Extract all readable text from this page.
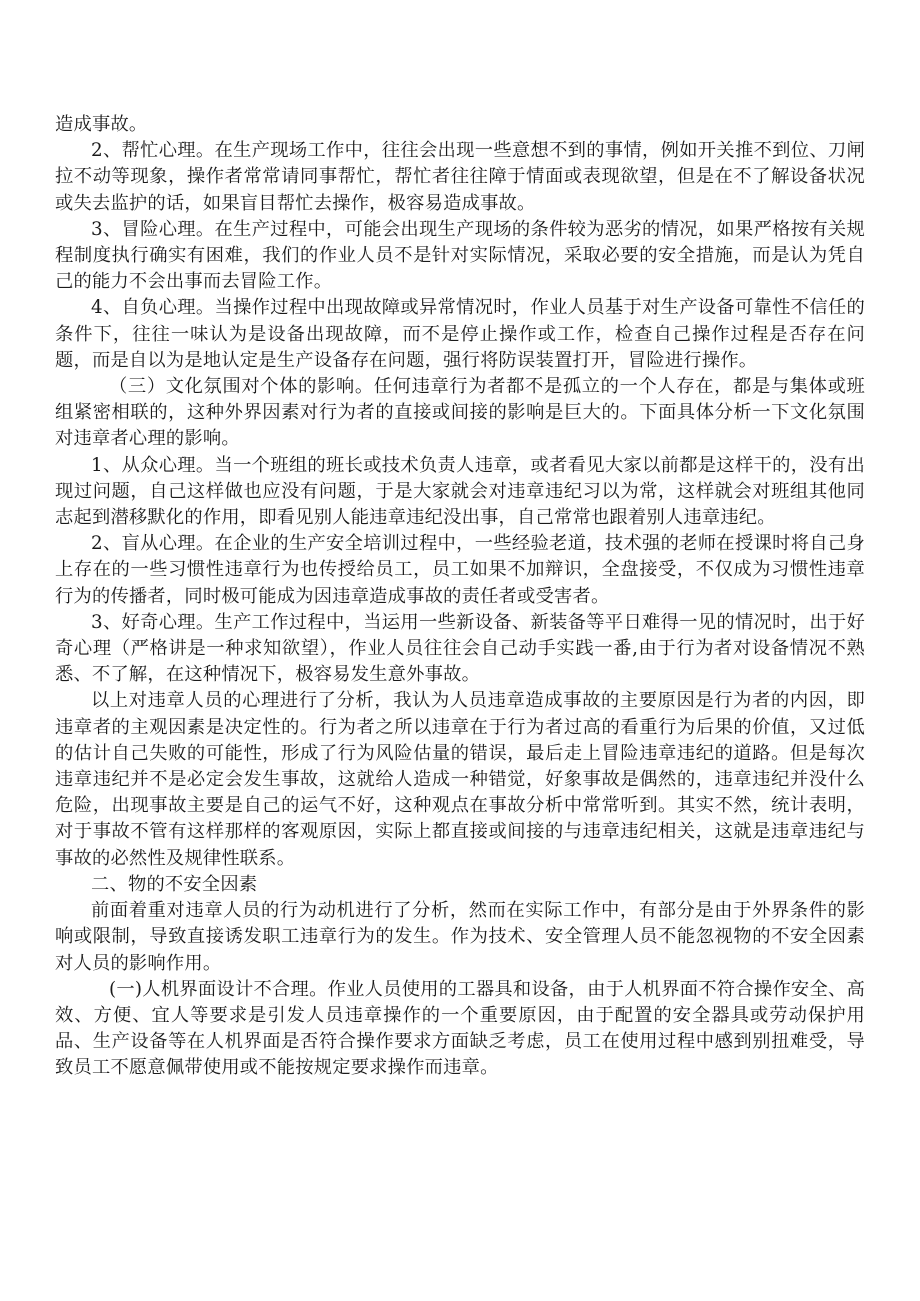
造成事故。

2、帮忙心理。在生产现场工作中，往往会出现一些意想不到的事情，例如开关推不到位、刀闸拉不动等现象，操作者常常请同事帮忙，帮忙者往往障于情面或表现欲望，但是在不了解设备状况或失去监护的话，如果盲目帮忙去操作，极容易造成事故。

3、冒险心理。在生产过程中，可能会出现生产现场的条件较为恶劣的情况，如果严格按有关规程制度执行确实有困难，我们的作业人员不是针对实际情况，采取必要的安全措施，而是认为凭自己的能力不会出事而去冒险工作。

4、自负心理。当操作过程中出现故障或异常情况时，作业人员基于对生产设备可靠性不信任的条件下，往往一味认为是设备出现故障，而不是停止操作或工作，检查自己操作过程是否存在问题，而是自以为是地认定是生产设备存在问题，强行将防误装置打开，冒险进行操作。

（三）文化氛围对个体的影响。任何违章行为者都不是孤立的一个人存在，都是与集体或班组紧密相联的，这种外界因素对行为者的直接或间接的影响是巨大的。下面具体分析一下文化氛围对违章者心理的影响。

1、从众心理。当一个班组的班长或技术负责人违章，或者看见大家以前都是这样干的，没有出现过问题，自己这样做也应没有问题，于是大家就会对违章违纪习以为常，这样就会对班组其他同志起到潜移默化的作用，即看见别人能违章违纪没出事，自己常常也跟着别人违章违纪。

2、盲从心理。在企业的生产安全培训过程中，一些经验老道，技术强的老师在授课时将自己身上存在的一些习惯性违章行为也传授给员工，员工如果不加辩识，全盘接受，不仅成为习惯性违章行为的传播者，同时极可能成为因违章造成事故的责任者或受害者。

3、好奇心理。生产工作过程中，当运用一些新设备、新装备等平日难得一见的情况时，出于好奇心理（严格讲是一种求知欲望），作业人员往往会自己动手实践一番,由于行为者对设备情况不熟悉、不了解，在这种情况下，极容易发生意外事故。

以上对违章人员的心理进行了分析，我认为人员违章造成事故的主要原因是行为者的内因，即违章者的主观因素是决定性的。行为者之所以违章在于行为者过高的看重行为后果的价值，又过低的估计自己失败的可能性，形成了行为风险估量的错误，最后走上冒险违章违纪的道路。但是每次违章违纪并不是必定会发生事故，这就给人造成一种错觉，好象事故是偶然的，违章违纪并没什么危险，出现事故主要是自己的运气不好，这种观点在事故分析中常常听到。其实不然，统计表明，对于事故不管有这样那样的客观原因，实际上都直接或间接的与违章违纪相关，这就是违章违纪与事故的必然性及规律性联系。

二、物的不安全因素

前面着重对违章人员的行为动机进行了分析，然而在实际工作中，有部分是由于外界条件的影响或限制，导致直接诱发职工违章行为的发生。作为技术、安全管理人员不能忽视物的不安全因素对人员的影响作用。

(一)人机界面设计不合理。作业人员使用的工器具和设备，由于人机界面不符合操作安全、高效、方便、宜人等要求是引发人员违章操作的一个重要原因，由于配置的安全器具或劳动保护用品、生产设备等在人机界面是否符合操作要求方面缺乏考虑，员工在使用过程中感到别扭难受，导致员工不愿意佩带使用或不能按规定要求操作而违章。
